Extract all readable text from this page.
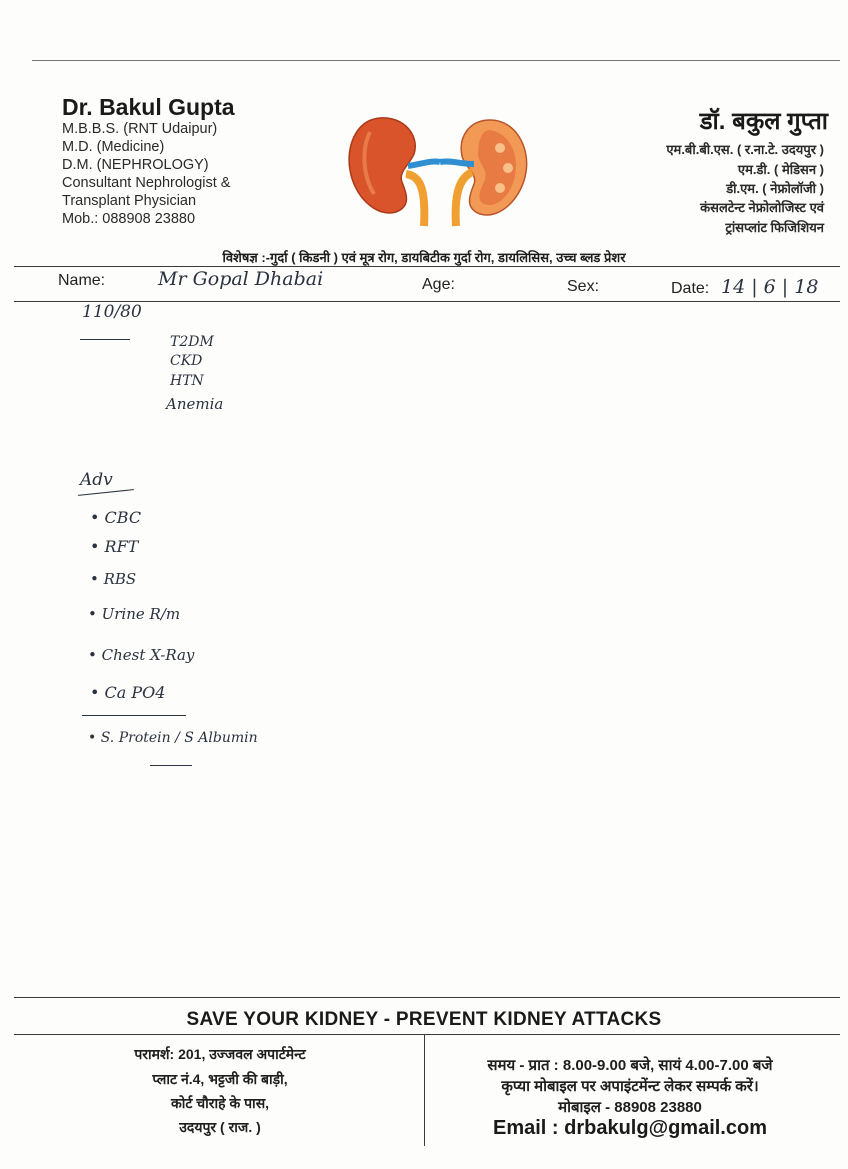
Dr. Bakul Gupta
M.B.B.S. (RNT Udaipur)
M.D. (Medicine)
D.M. (NEPHROLOGY)
Consultant Nephrologist &
Transplant Physician
Mob.: 088908 23880
डॉ. बकुल गुप्ता
एम.बी.बी.एस. ( र.ना.टे. उदयपुर )
एम.डी. ( मेडिसन )
डी.एम. ( नेफ्रोलॉजी )
कंसलटेन्ट नेफ्रोलोजिस्ट एवं
ट्रांसप्लांट फिजिशियन
विशेषज्ञ :-गुर्दा ( किडनी ) एवं मूत्र रोग, डायबिटीक गुर्दा रोग, डायलिसिस, उच्च ब्लड प्रेशर
Name:	Mr Gopal Dhabai	Age:	Sex:	Date: 14 | 6 | 18
110/80
T2DM
CKD
HTN
Anemia
Adv
• CBC
• RFT
• RBS
• Urine R/m
• Chest X-Ray
• Ca PO4
• S. Protein / S Albumin
SAVE YOUR KIDNEY - PREVENT KIDNEY ATTACKS
परामर्श: 201, उज्जवल अपार्टमेन्ट
प्लाट नं.4, भट्टजी की बाड़ी,
कोर्ट चौराहे के पास,
उदयपुर ( राज. )
समय - प्रात : 8.00-9.00 बजे, सायं 4.00-7.00 बजे
कृप्या मोबाइल पर अपाइंटमेंन्ट लेकर सम्पर्क करें।
मोबाइल - 88908 23880
Email : drbakulg@gmail.com
